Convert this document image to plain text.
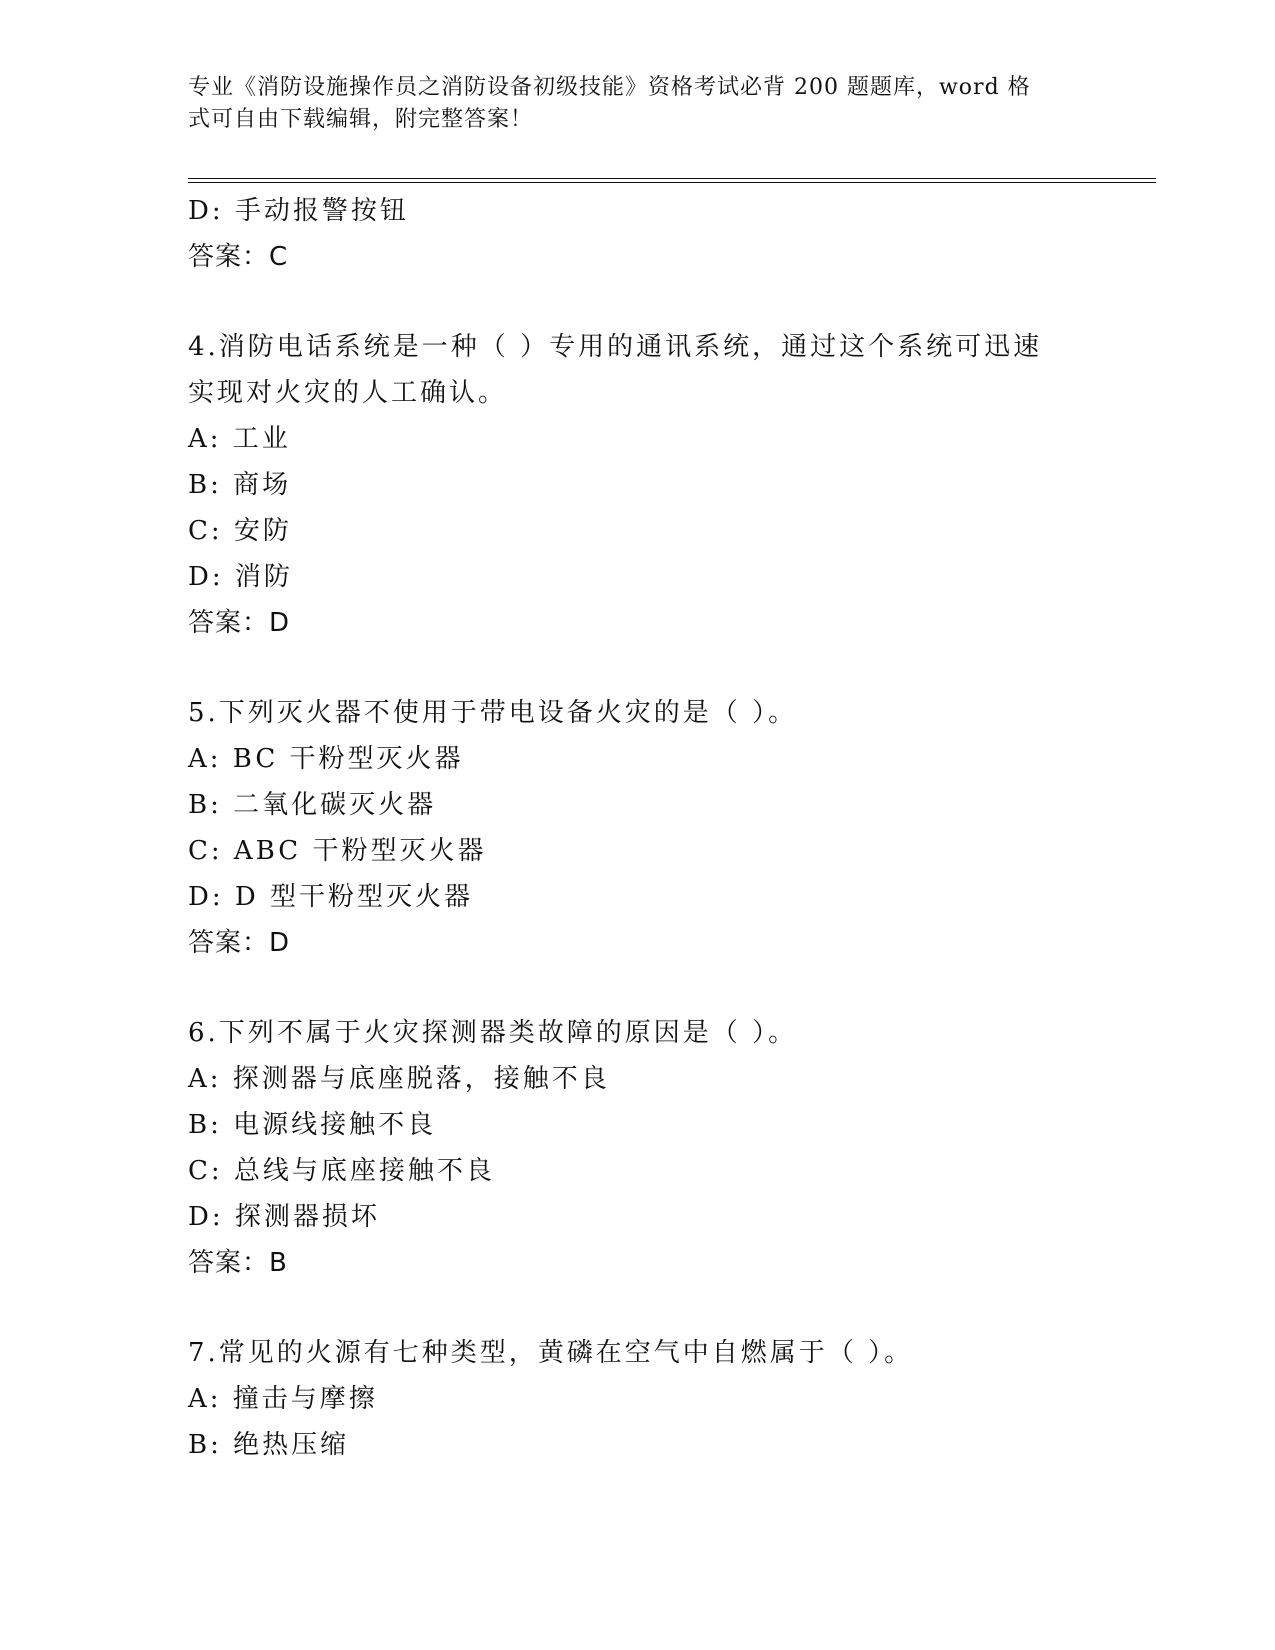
专业《消防设施操作员之消防设备初级技能》资格考试必背 200 题题库，word 格
式可自由下载编辑，附完整答案！
D: 手动报警按钮
答案：C
4.消防电话系统是一种（ ）专用的通讯系统，通过这个系统可迅速
实现对火灾的人工确认。
A: 工业
B: 商场
C: 安防
D: 消防
答案：D
5.下列灭火器不使用于带电设备火灾的是（ ）。
A: BC 干粉型灭火器
B: 二氧化碳灭火器
C: ABC 干粉型灭火器
D: D 型干粉型灭火器
答案：D
6.下列不属于火灾探测器类故障的原因是（ ）。
A: 探测器与底座脱落，接触不良
B: 电源线接触不良
C: 总线与底座接触不良
D: 探测器损坏
答案：B
7.常见的火源有七种类型，黄磷在空气中自燃属于（ ）。
A: 撞击与摩擦
B: 绝热压缩
